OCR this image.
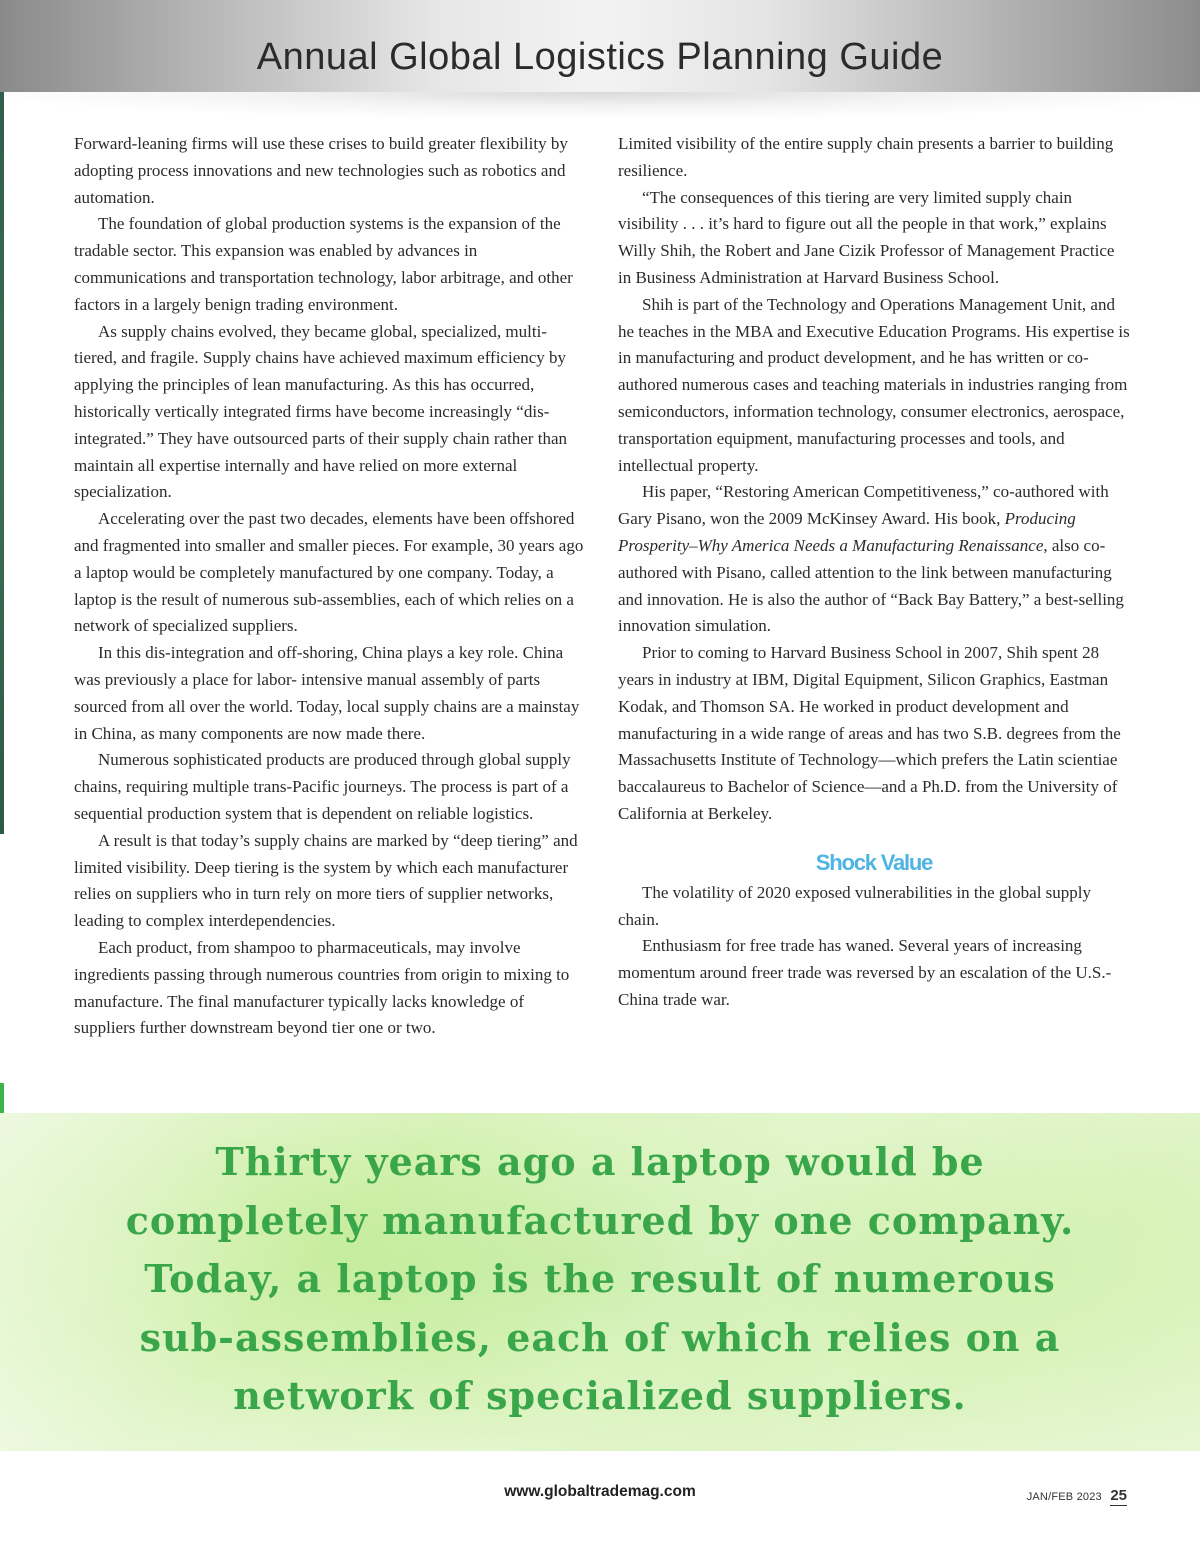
Annual Global Logistics Planning Guide

Forward-leaning firms will use these crises to build greater flexibility by adopting process innovations and new technologies such as robotics and automation.

The foundation of global production systems is the expansion of the tradable sector. This expansion was enabled by advances in communications and transportation technology, labor arbitrage, and other factors in a largely benign trading environment.

As supply chains evolved, they became global, specialized, multi-tiered, and fragile. Supply chains have achieved maximum efficiency by applying the principles of lean manufacturing. As this has occurred, historically vertically integrated firms have become increasingly “dis-integrated.” They have outsourced parts of their supply chain rather than maintain all expertise internally and have relied on more external specialization.

Accelerating over the past two decades, elements have been offshored and fragmented into smaller and smaller pieces. For example, 30 years ago a laptop would be completely manufactured by one company. Today, a laptop is the result of numerous sub-assemblies, each of which relies on a network of specialized suppliers.

In this dis-integration and off-shoring, China plays a key role. China was previously a place for labor- intensive manual assembly of parts sourced from all over the world. Today, local supply chains are a mainstay in China, as many components are now made there.

Numerous sophisticated products are produced through global supply chains, requiring multiple trans-Pacific journeys. The process is part of a sequential production system that is dependent on reliable logistics.

A result is that today’s supply chains are marked by “deep tiering” and limited visibility. Deep tiering is the system by which each manufacturer relies on suppliers who in turn rely on more tiers of supplier networks, leading to complex interdependencies.

Each product, from shampoo to pharmaceuticals, may involve ingredients passing through numerous countries from origin to mixing to manufacture. The final manufacturer typically lacks knowledge of suppliers further downstream beyond tier one or two.

Limited visibility of the entire supply chain presents a barrier to building resilience.

“The consequences of this tiering are very limited supply chain visibility . . . it’s hard to figure out all the people in that work,” explains Willy Shih, the Robert and Jane Cizik Professor of Management Practice in Business Administration at Harvard Business School.

Shih is part of the Technology and Operations Management Unit, and he teaches in the MBA and Executive Education Programs. His expertise is in manufacturing and product development, and he has written or co-authored numerous cases and teaching materials in industries ranging from semiconductors, information technology, consumer electronics, aerospace, transportation equipment, manufacturing processes and tools, and intellectual property.

His paper, “Restoring American Competitiveness,” co-authored with Gary Pisano, won the 2009 McKinsey Award. His book, Producing Prosperity–Why America Needs a Manufacturing Renaissance, also co-authored with Pisano, called attention to the link between manufacturing and innovation. He is also the author of “Back Bay Battery,” a best-selling innovation simulation.

Prior to coming to Harvard Business School in 2007, Shih spent 28 years in industry at IBM, Digital Equipment, Silicon Graphics, Eastman Kodak, and Thomson SA. He worked in product development and manufacturing in a wide range of areas and has two S.B. degrees from the Massachusetts Institute of Technology—which prefers the Latin scientiae baccalaureus to Bachelor of Science—and a Ph.D. from the University of California at Berkeley.

Shock Value

The volatility of 2020 exposed vulnerabilities in the global supply chain.

Enthusiasm for free trade has waned. Several years of increasing momentum around freer trade was reversed by an escalation of the U.S.-China trade war.

Thirty years ago a laptop would be
completely manufactured by one company.
Today, a laptop is the result of numerous
sub-assemblies, each of which relies on a
network of specialized suppliers.
www.globaltrademag.com	JAN/FEB 2023 25
